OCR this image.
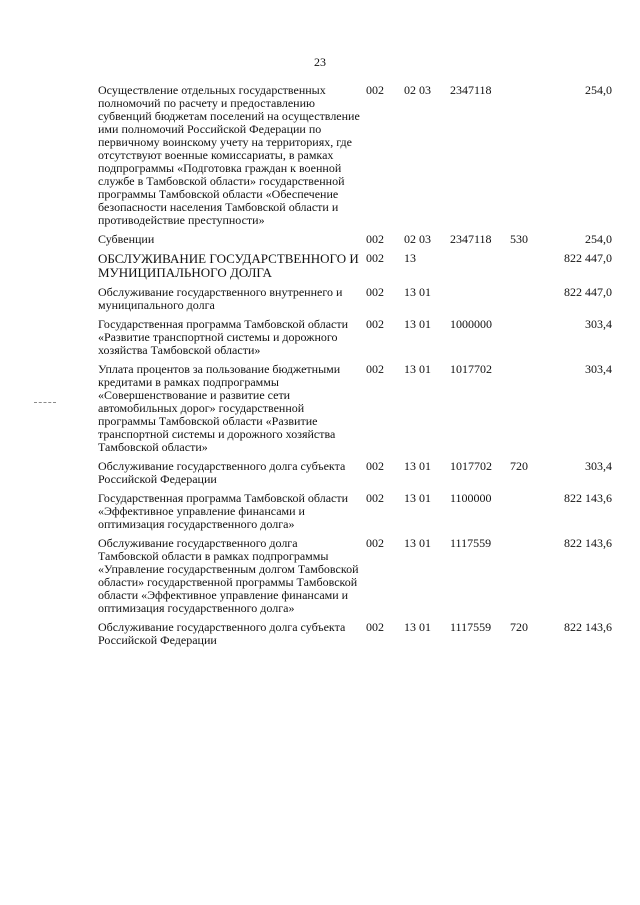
23
Осуществление отдельных государственных полномочий по расчету и предоставлению субвенций бюджетам поселений на осуществление ими полномочий Российской Федерации по первичному воинскому учету на территориях, где отсутствуют военные комиссариаты, в рамках подпрограммы «Подготовка граждан к военной службе в Тамбовской области» государственной программы Тамбовской области «Обеспечение безопасности населения Тамбовской области и противодействие преступности»	002	02 03	2347118		254,0
Субвенции	002	02 03	2347118	530	254,0
ОБСЛУЖИВАНИЕ ГОСУДАРСТВЕННОГО И МУНИЦИПАЛЬНОГО ДОЛГА	002	13			822 447,0
Обслуживание государственного внутреннего и муниципального долга	002	13 01			822 447,0
Государственная программа Тамбовской области «Развитие транспортной системы и дорожного хозяйства Тамбовской области»	002	13 01	1000000		303,4
Уплата процентов за пользование бюджетными кредитами в рамках подпрограммы «Совершенствование и развитие сети автомобильных дорог» государственной программы Тамбовской области «Развитие транспортной системы и дорожного хозяйства Тамбовской области»	002	13 01	1017702		303,4
Обслуживание государственного долга субъекта Российской Федерации	002	13 01	1017702	720	303,4
Государственная программа Тамбовской области «Эффективное управление финансами и оптимизация государственного долга»	002	13 01	1100000		822 143,6
Обслуживание государственного долга Тамбовской области в рамках подпрограммы «Управление государственным долгом Тамбовской области» государственной программы Тамбовской области «Эффективное управление финансами и оптимизация государственного долга»	002	13 01	1117559		822 143,6
Обслуживание государственного долга субъекта Российской Федерации	002	13 01	1117559	720	822 143,6
